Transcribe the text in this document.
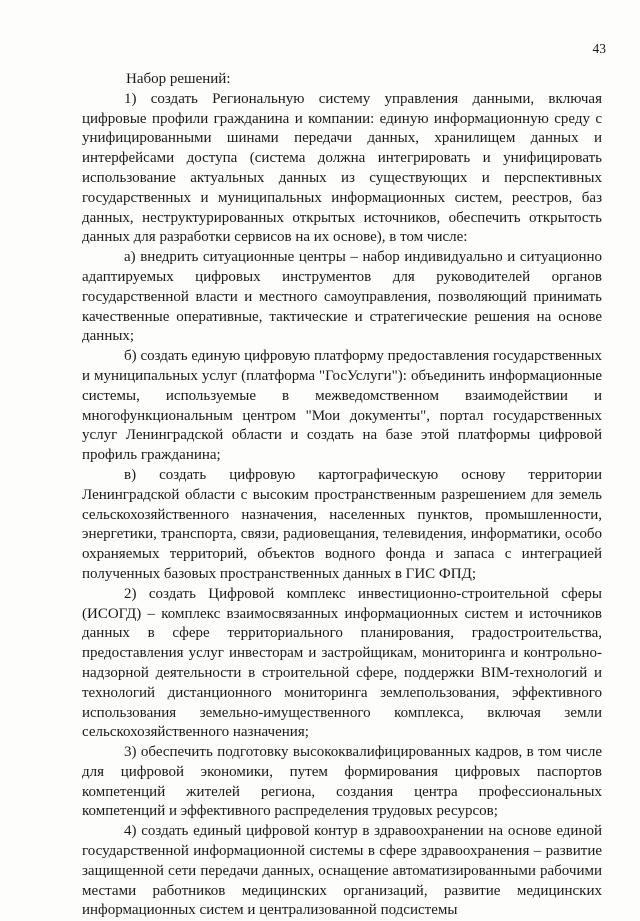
43

Набор решений:

1) создать Региональную систему управления данными, включая цифровые профили гражданина и компании: единую информационную среду с унифицированными шинами передачи данных, хранилищем данных и интерфейсами доступа (система должна интегрировать и унифицировать использование актуальных данных из существующих и перспективных государственных и муниципальных информационных систем, реестров, баз данных, неструктурированных открытых источников, обеспечить открытость данных для разработки сервисов на их основе), в том числе:

а) внедрить ситуационные центры – набор индивидуально и ситуационно адаптируемых цифровых инструментов для руководителей органов государственной власти и местного самоуправления, позволяющий принимать качественные оперативные, тактические и стратегические решения на основе данных;

б) создать единую цифровую платформу предоставления государственных и муниципальных услуг (платформа "ГосУслуги"): объединить информационные системы, используемые в межведомственном взаимодействии и многофункциональным центром "Мои документы", портал государственных услуг Ленинградской области и создать на базе этой платформы цифровой профиль гражданина;

в) создать цифровую картографическую основу территории Ленинградской области с высоким пространственным разрешением для земель сельскохозяйственного назначения, населенных пунктов, промышленности, энергетики, транспорта, связи, радиовещания, телевидения, информатики, особо охраняемых территорий, объектов водного фонда и запаса с интеграцией полученных базовых пространственных данных в ГИС ФПД;

2) создать Цифровой комплекс инвестиционно-строительной сферы (ИСОГД) – комплекс взаимосвязанных информационных систем и источников данных в сфере территориального планирования, градостроительства, предоставления услуг инвесторам и застройщикам, мониторинга и контрольно-надзорной деятельности в строительной сфере, поддержки BIM-технологий и технологий дистанционного мониторинга землепользования, эффективного использования земельно-имущественного комплекса, включая земли сельскохозяйственного назначения;

3) обеспечить подготовку высококвалифицированных кадров, в том числе для цифровой экономики, путем формирования цифровых паспортов компетенций жителей региона, создания центра профессиональных компетенций и эффективного распределения трудовых ресурсов;

4) создать единый цифровой контур в здравоохранении на основе единой государственной информационной системы в сфере здравоохранения – развитие защищенной сети передачи данных, оснащение автоматизированными рабочими местами работников медицинских организаций, развитие медицинских информационных систем и централизованной подсистемы
